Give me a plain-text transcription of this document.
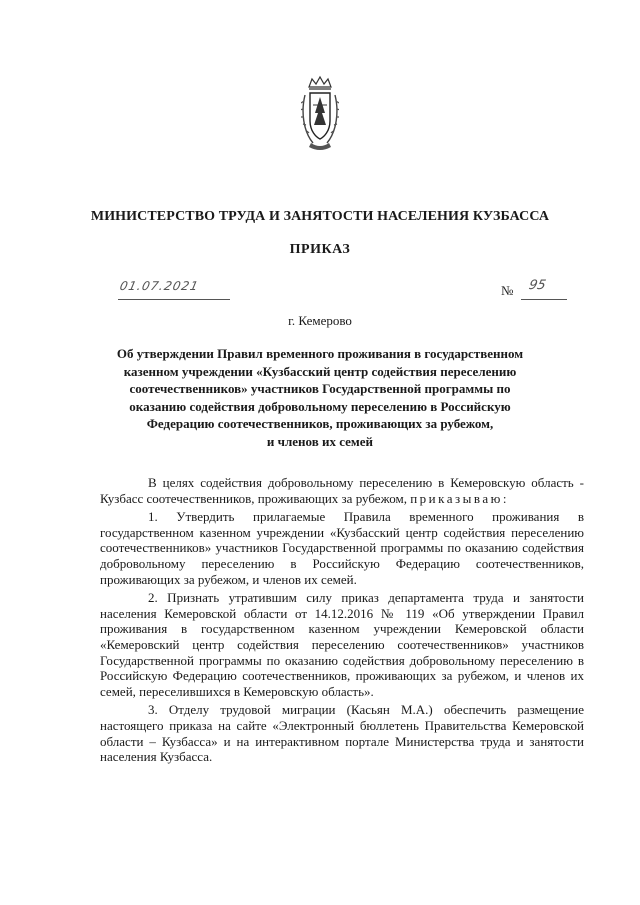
МИНИСТЕРСТВО ТРУДА И ЗАНЯТОСТИ НАСЕЛЕНИЯ КУЗБАССА
ПРИКАЗ
01.07.2021	№ 95
г. Кемерово
Об утверждении Правил временного проживания в государственном
казенном учреждении «Кузбасский центр содействия переселению
соотечественников» участников Государственной программы по
оказанию содействия добровольному переселению в Российскую
Федерацию соотечественников, проживающих за рубежом,
и членов их семей

В целях содействия добровольному переселению в Кемеровскую область - Кузбасс соотечественников, проживающих за рубежом, приказываю:

1. Утвердить прилагаемые Правила временного проживания в государственном казенном учреждении «Кузбасский центр содействия переселению соотечественников» участников Государственной программы по оказанию содействия добровольному переселению в Российскую Федерацию соотечественников, проживающих за рубежом, и членов их семей.

2. Признать утратившим силу приказ департамента труда и занятости населения Кемеровской области от 14.12.2016 № 119 «Об утверждении Правил проживания в государственном казенном учреждении Кемеровской области «Кемеровский центр содействия переселению соотечественников» участников Государственной программы по оказанию содействия добровольному переселению в Российскую Федерацию соотечественников, проживающих за рубежом, и членов их семей, переселившихся в Кемеровскую область».

3. Отделу трудовой миграции (Касьян М.А.) обеспечить размещение настоящего приказа на сайте «Электронный бюллетень Правительства Кемеровской области – Кузбасса» и на интерактивном портале Министерства труда и занятости населения Кузбасса.
